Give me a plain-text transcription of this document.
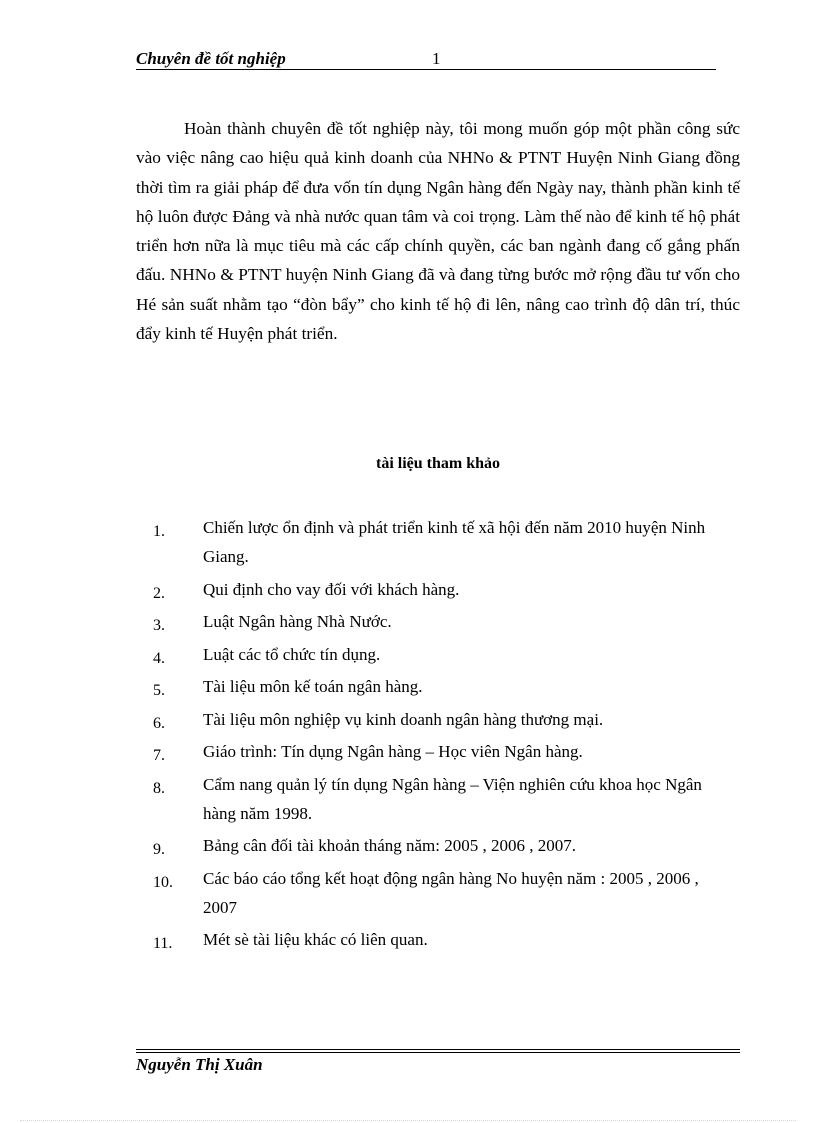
Chuyên đề tốt nghiệp	1

Hoàn thành chuyên đề tốt nghiệp này, tôi mong muốn góp một phần công sức vào việc nâng cao hiệu quả kinh doanh của NHNo & PTNT Huyện Ninh Giang đồng thời tìm ra giải pháp để đưa vốn tín dụng Ngân hàng đến Ngày nay, thành phần kinh tế hộ luôn được Đảng và nhà nước quan tâm và coi trọng. Làm thế nào để kinh tế hộ phát triển hơn nữa là mục tiêu mà các cấp chính quyền, các ban ngành đang cố gắng phấn đấu. NHNo & PTNT huyện Ninh Giang đã và đang từng bước mở rộng đầu tư vốn cho Hé sản suất nhằm tạo “đòn bẩy” cho kinh tế hộ đi lên, nâng cao trình độ dân trí, thúc đẩy kinh tế Huyện phát triển.

tài liệu tham khảo
1.	Chiến lược ổn định và phát triển kinh tế xã hội đến năm 2010 huyện Ninh Giang.
2.	Qui định cho vay đối với khách hàng.
3.	Luật Ngân hàng Nhà Nước.
4.	Luật các tổ chức tín dụng.
5.	Tài liệu môn kế toán ngân hàng.
6.	Tài liệu môn nghiệp vụ kinh doanh ngân hàng thương mại.
7.	Giáo trình: Tín dụng Ngân hàng – Học viên Ngân hàng.
8.	Cẩm nang quản lý tín dụng Ngân hàng – Viện nghiên cứu khoa học Ngân hàng năm 1998.
9.	Bảng cân đối tài khoản tháng năm: 2005 , 2006 , 2007.
10.	Các báo cáo tổng kết hoạt động ngân hàng No huyện năm : 2005 , 2006 , 2007
11.	Mét sè tài liệu khác có liên quan.
Nguyễn Thị Xuân
